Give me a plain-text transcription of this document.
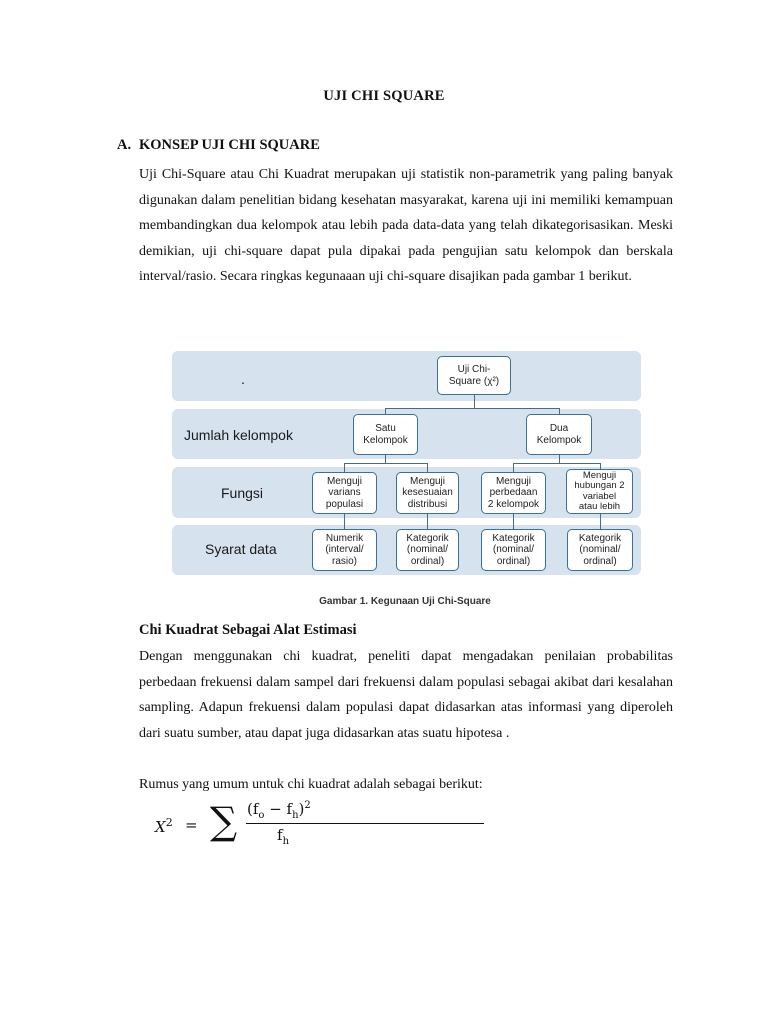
UJI CHI SQUARE
A. KONSEP UJI CHI SQUARE
Uji Chi-Square atau Chi Kuadrat merupakan uji statistik non-parametrik yang paling banyak digunakan dalam penelitian bidang kesehatan masyarakat, karena uji ini memiliki kemampuan membandingkan dua kelompok atau lebih pada data-data yang telah dikategorisasikan. Meski demikian, uji chi-square dapat pula dipakai pada pengujian satu kelompok dan berskala interval/rasio. Secara ringkas kegunaaan uji chi-square disajikan pada gambar 1 berikut.
.
Jumlah kelompok
Fungsi
Syarat data
Uji Chi-
Square (χ²)
Satu
Kelompok
Dua
Kelompok
Menguji
varians
populasi
Menguji
kesesuaian
distribusi
Menguji
perbedaan
2 kelompok
Menguji
hubungan 2
variabel
atau lebih
Numerik
(interval/
rasio)
Kategorik
(nominal/
ordinal)
Kategorik
(nominal/
ordinal)
Kategorik
(nominal/
ordinal)
Gambar 1. Kegunaan Uji Chi-Square
Chi Kuadrat Sebagai Alat Estimasi
Dengan menggunakan chi kuadrat, peneliti dapat mengadakan penilaian probabilitas perbedaan frekuensi dalam sampel dari frekuensi dalam populasi sebagai akibat dari kesalahan sampling. Adapun frekuensi dalam populasi dapat didasarkan atas informasi yang diperoleh dari suatu sumber, atau dapat juga didasarkan atas suatu hipotesa .
Rumus yang umum untuk chi kuadrat adalah sebagai berikut:
$X^2$ = ∑ $(f_o - f_h)^2$
$f_h$
